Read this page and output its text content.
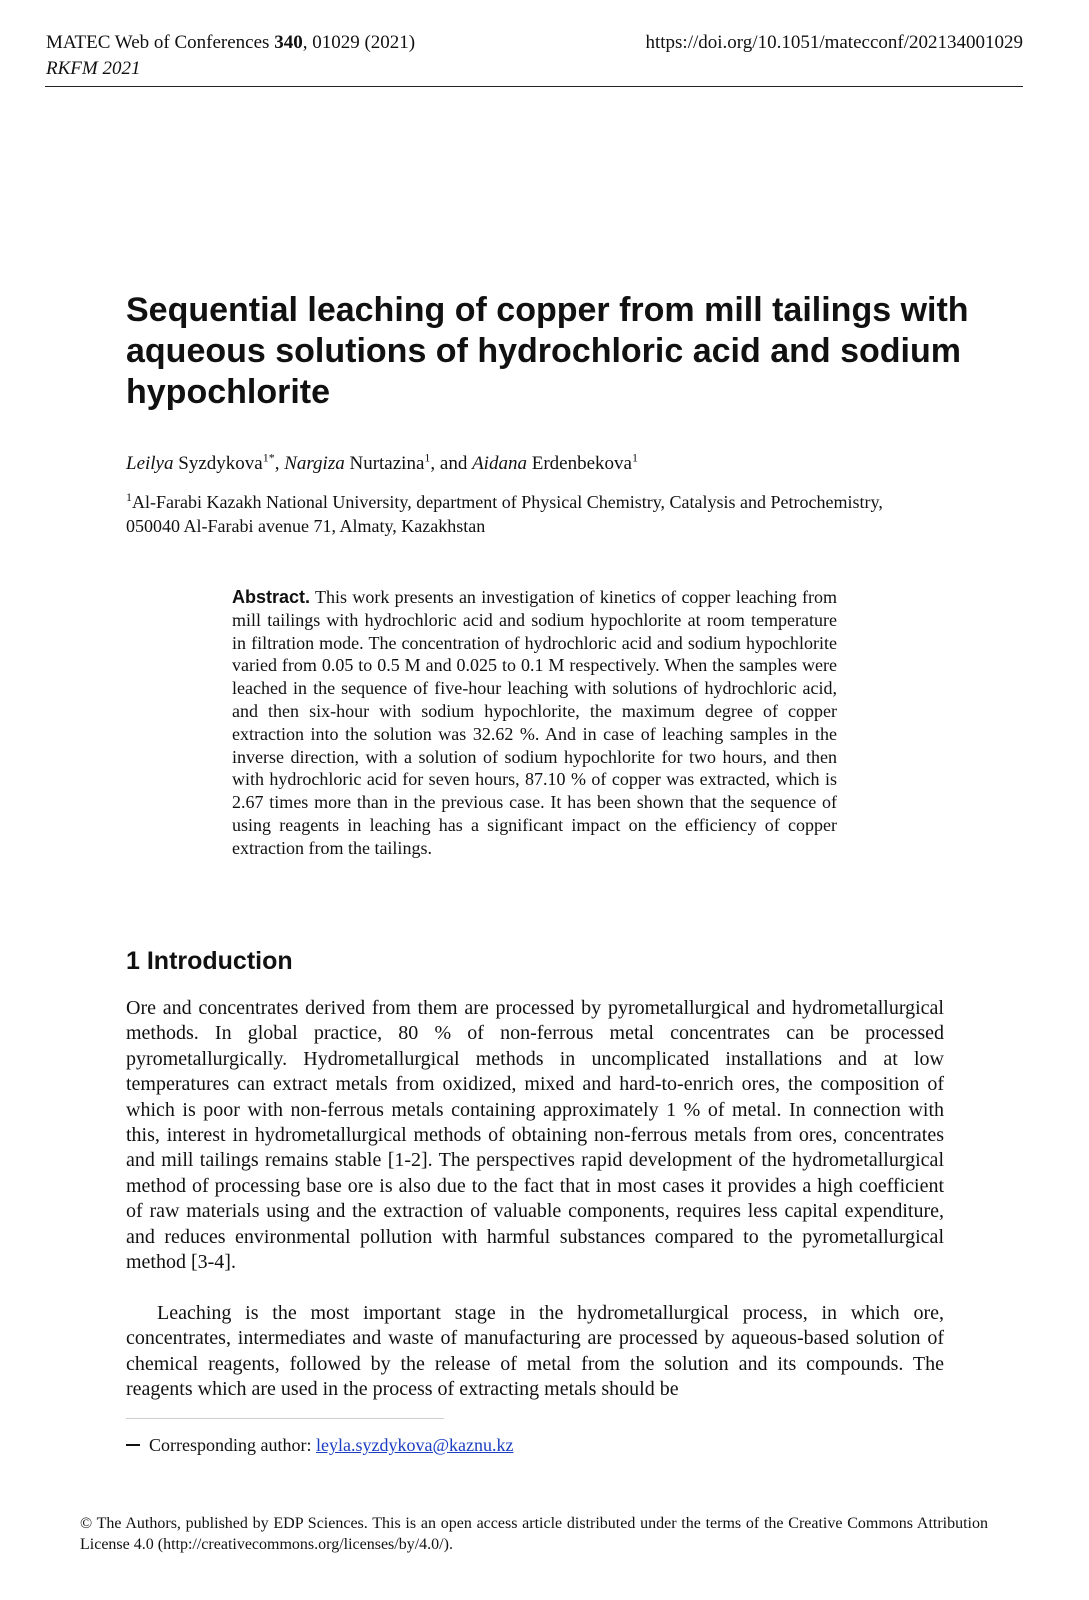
MATEC Web of Conferences 340, 01029 (2021)
RKFM 2021
https://doi.org/10.1051/matecconf/202134001029
Sequential leaching of copper from mill tailings with aqueous solutions of hydrochloric acid and sodium hypochlorite
Leilya Syzdykova$^{1*}$, Nargiza Nurtazina$^1$, and Aidana Erdenbekova$^1$
$^1$Al-Farabi Kazakh National University, department of Physical Chemistry, Catalysis and Petrochemistry, 050040 Al-Farabi avenue 71, Almaty, Kazakhstan

Abstract. This work presents an investigation of kinetics of copper leaching from mill tailings with hydrochloric acid and sodium hypochlorite at room temperature in filtration mode. The concentration of hydrochloric acid and sodium hypochlorite varied from 0.05 to 0.5 M and 0.025 to 0.1 M respectively. When the samples were leached in the sequence of five-hour leaching with solutions of hydrochloric acid, and then six-hour with sodium hypochlorite, the maximum degree of copper extraction into the solution was 32.62 %. And in case of leaching samples in the inverse direction, with a solution of sodium hypochlorite for two hours, and then with hydrochloric acid for seven hours, 87.10 % of copper was extracted, which is 2.67 times more than in the previous case. It has been shown that the sequence of using reagents in leaching has a significant impact on the efficiency of copper extraction from the tailings.

1 Introduction

Ore and concentrates derived from them are processed by pyrometallurgical and hydrometallurgical methods. In global practice, 80 % of non-ferrous metal concentrates can be processed pyrometallurgically. Hydrometallurgical methods in uncomplicated installations and at low temperatures can extract metals from oxidized, mixed and hard-to-enrich ores, the composition of which is poor with non-ferrous metals containing approximately 1 % of metal. In connection with this, interest in hydrometallurgical methods of obtaining non-ferrous metals from ores, concentrates and mill tailings remains stable [1-2]. The perspectives rapid development of the hydrometallurgical method of processing base ore is also due to the fact that in most cases it provides a high coefficient of raw materials using and the extraction of valuable components, requires less capital expenditure, and reduces environmental pollution with harmful substances compared to the pyrometallurgical method [3-4].

Leaching is the most important stage in the hydrometallurgical process, in which ore, concentrates, intermediates and waste of manufacturing are processed by aqueous-based solution of chemical reagents, followed by the release of metal from the solution and its compounds. The reagents which are used in the process of extracting metals should be

Corresponding author: leyla.syzdykova@kaznu.kz

© The Authors, published by EDP Sciences. This is an open access article distributed under the terms of the Creative Commons Attribution License 4.0 (http://creativecommons.org/licenses/by/4.0/).
